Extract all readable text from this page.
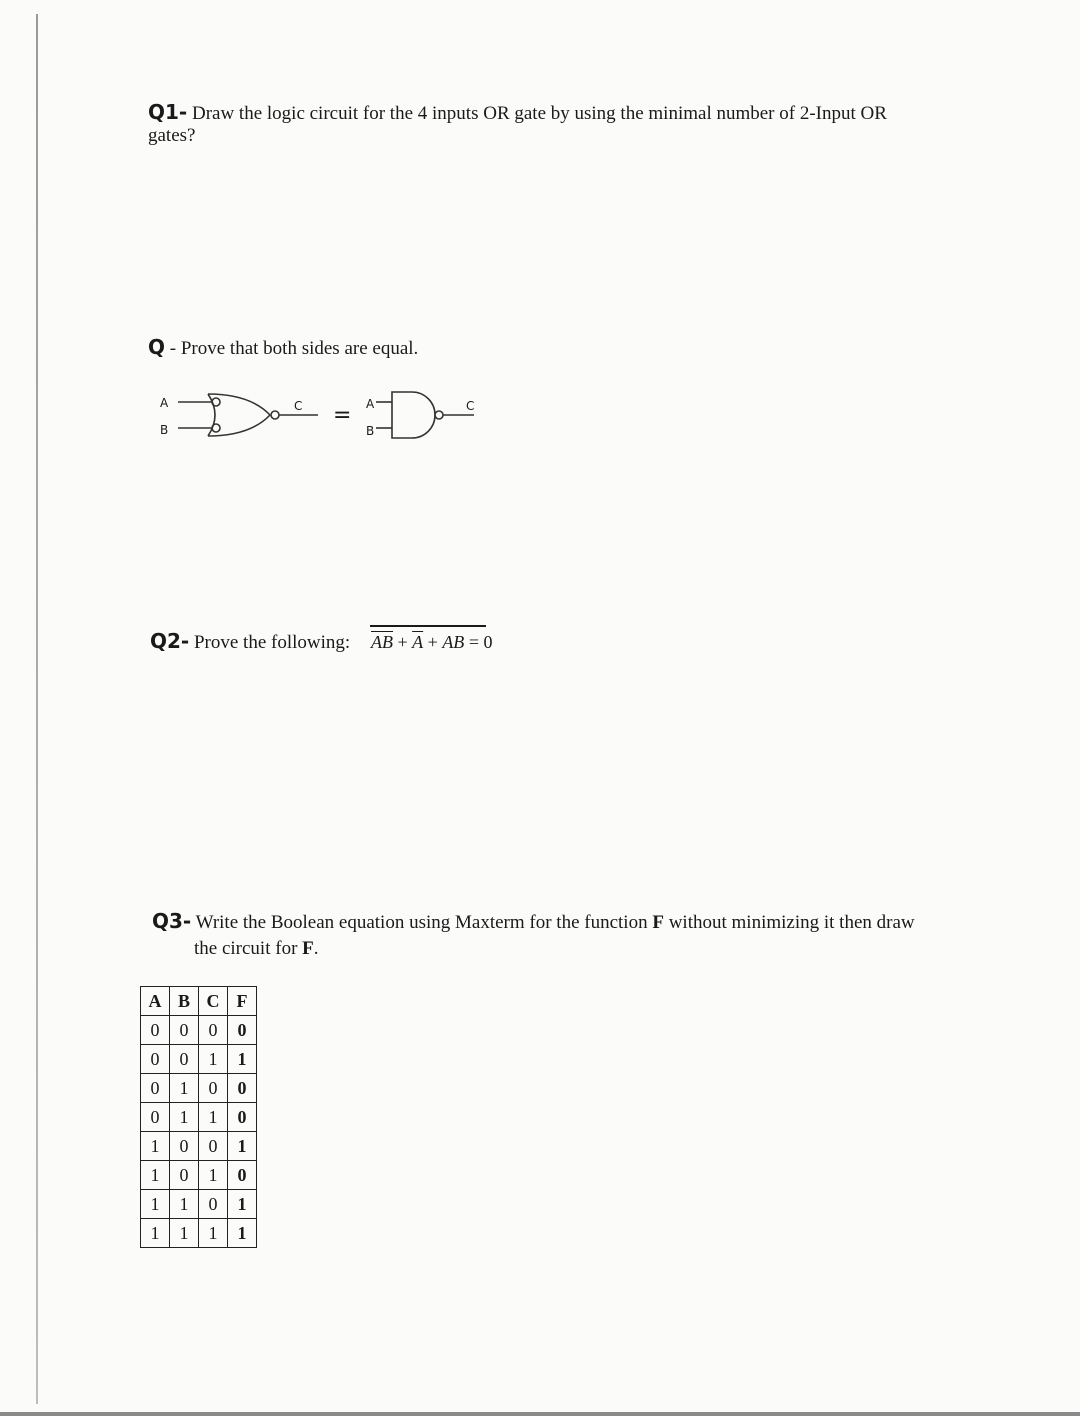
Q1- Draw the logic circuit for the 4 inputs OR gate by using the minimal number of 2-Input OR
gates?
Q - Prove that both sides are equal.
A
B
C = A
B
C
Q2- Prove the following: $\overline{AB} + \overline{A}$ + AB = 0
Q3- Write the Boolean equation using Maxterm for the function F without minimizing it then draw
the circuit for F.
A	B	C	F
0	0	0	0
0	0	1	1
0	1	0	0
0	1	1	0
1	0	0	1
1	0	1	0
1	1	0	1
1	1	1	1
